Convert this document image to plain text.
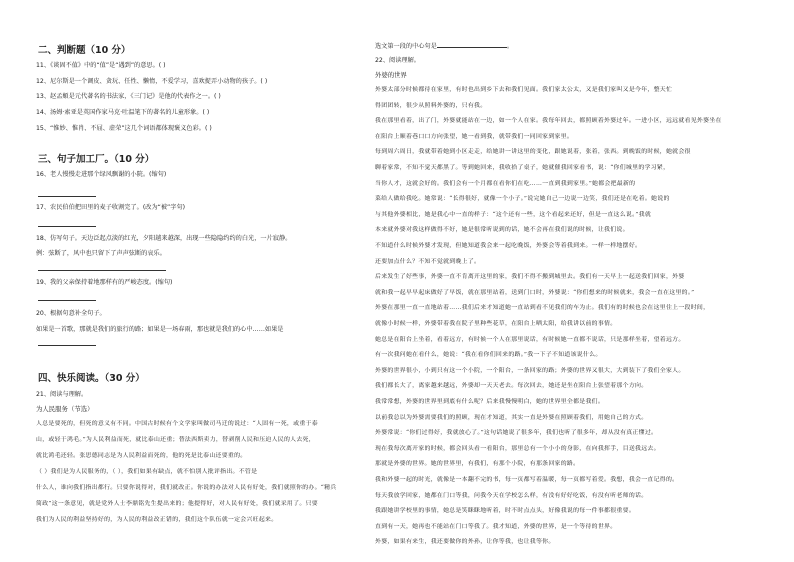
二、判断题（10 分）
11、《谈固不值》中的“值”是“遇到”的意思。( )
12、尼尔斯是一个调皮、贪玩、任性、懒惰，不爱学习，喜欢捉弄小动物的孩子。( )
13、赵孟頫是元代著名的书法家，《三门记》是他的代表作之一。( )
14、汤姆·索亚是英国作家马克·吐温笔下的著名的儿童形象。( )
15、“惟妙、惟肖、不屈、虚荣”这几个词语都体现褒义色彩。( )
三、句子加工厂。（10 分）
16、老人慢慢走进那个绿风飘谢的小院。(缩句)
17、农民伯伯把田里的麦子收割完了。(改为“被”字句)
18、仿写句子。天边泛起点淡的红光，夕阳越来越深，出现一些隐隐约约的白光，一片寂静。
例：弦断了，风中也只留下了声声弦断的哀乐。
19、我的父亲保持着地那样有的严峻态度。(缩句)
20、根据句意补全句子。
如果是一首歌，那就是我们的旅行的路；如果是一场春雨，那也就是我们的心中……如果是
四、快乐阅读。（30 分）
21、阅读与理解。
为人民服务（节选）
人总是要死的，但死的意义有不同。中国古时候有个文学家叫做司马迁的说过：“人固有一死，或重于泰
山，或轻于鸿毛。”为人民利益而死，就比泰山还重；替法西斯卖力，替剥削人民和压迫人民的人去死，
就比鸿毛还轻。张思德同志是为人民利益而死的，他的死是比泰山还要重的。
（ ）我们是为人民服务的，（ ），我们如果有缺点，就不怕别人批评指出。不管是
什么人，谁向我们指出都行。只要你说得对，我们就改正。你说的办法对人民有好处，我们就照你的办。“精兵
简政”这一条意见，就是党外人士李鼎铭先生提出来的；他提得好，对人民有好处，我们就采用了。只要
我们为人民的利益坚持好的，为人民的利益改正错的，我们这个队伍就一定会兴旺起来。
选文第一段的中心句是	。
22、阅读理解。
外婆的世界
外婆太部分时候都待在家里，有时也出到乡下去和我们见面。我们家太公太，又是我们家叫又是今年，整天忙
得团团转，很少从照料外婆的，只有我。
我在那里看着，出了门，外婆就能站在一边，如一个人在家。我每年回去，都照顾着外婆过年。一进小区，远远就看见外婆坐在
在阳台上顺着巷口口方向张望，她一看到我，就带我们一同回家到家里。
每到周六周日，我就带着她到小区走走，给她讲一讲这里的变化，跟她说着，张着，张西。到晚饭的时候，她就会很
聊着家常，不知不觉天都黑了。等到她回来，我收拾了桌子，她就催我回家看书，说：“你们城里的学习紧，
当你人才，这就会好的。我们会有一个月都在看你们在吃……一直到我到家里。”她都会把最新的
菜给人做给我吃。她常说：“长得很好，就像一个小子。”说完她自己一边说一边笑，我们还是在吃着。她说的
与其他外婆相比，她是我心中一直的样子：“这个还有一些，这个看起来还好，但是一直这么说。”我就
本来就外婆对我这样做得不好，她是很常听说到的话，她不会再在我们说的时候，让我们说。
不知道什么时候外婆才发现，但她知道我会来一起吃晚饭，外婆会等着我到来。一样一样地摆好。
还要加点什么？不知不觉就到晚上了。
后来发生了好些事，外婆一直不肯离开这里的家，我们不得不搬到城里去。我们有一天早上一起送我们回家，外婆
就和我一起早早起床做好了早饭，就在那里站着，送到门口时，外婆说：“你们想来的时候就来，我会一直在这里的。”
外婆在那里一直一直地站着……我们后来才知道她一直站到看不见我们的车为止。我们有的时候也会在这里住上一段时间，
就像小时候一样，外婆带着我在院子里种些花草，在阳台上晒太阳，给我讲以前的事情。
她总是在阳台上坐着，看着远方，有时候一个人在那里说话，有时候她一直都不说话，只是那样坐着，望着远方。
有一次我问她在看什么，她说：“我在看你们回来的路。”我一下子不知道该说什么。
外婆的世界很小，小到只有这一个小院，一个阳台，一条回家的路；外婆的世界又很大，大到装下了我们全家人。
我们都长大了，离家越来越远，外婆却一天天老去。每次回去，她还是坐在阳台上张望着那个方向。
我常常想，外婆的世界里到底有什么呢？后来我慢慢明白，她的世界里全都是我们。
以前我总以为外婆需要我们的照顾，现在才知道，其实一直是外婆在照顾着我们，用她自己的方式。
外婆常说：“你们过得好，我就放心了。”这句话她说了很多年，我们也听了很多年，却从没有真正懂过。
现在我每次离开家的时候，都会回头看一看阳台，那里总有一个小小的身影，在向我挥手，目送我远去。
那就是外婆的世界。她的世界里，有我们，有那个小院，有那条回家的路。
我和外婆一起的时光，就像是一本翻不完的书，每一页都写着温暖，每一页都写着爱。我想，我会一直记得的。
每天我放学回家，她都在门口等我，问我今天在学校怎么样，有没有好好吃饭，有没有听老师的话。
我跟她讲学校里的事情，她总是笑眯眯地听着，时不时点点头，好像我说的每一件事都很重要。
直到有一天，她再也不能站在门口等我了。我才知道，外婆的世界，是一个等待的世界。
外婆，如果有来生，我还要做你的外孙，让你等我，也让我等你。
